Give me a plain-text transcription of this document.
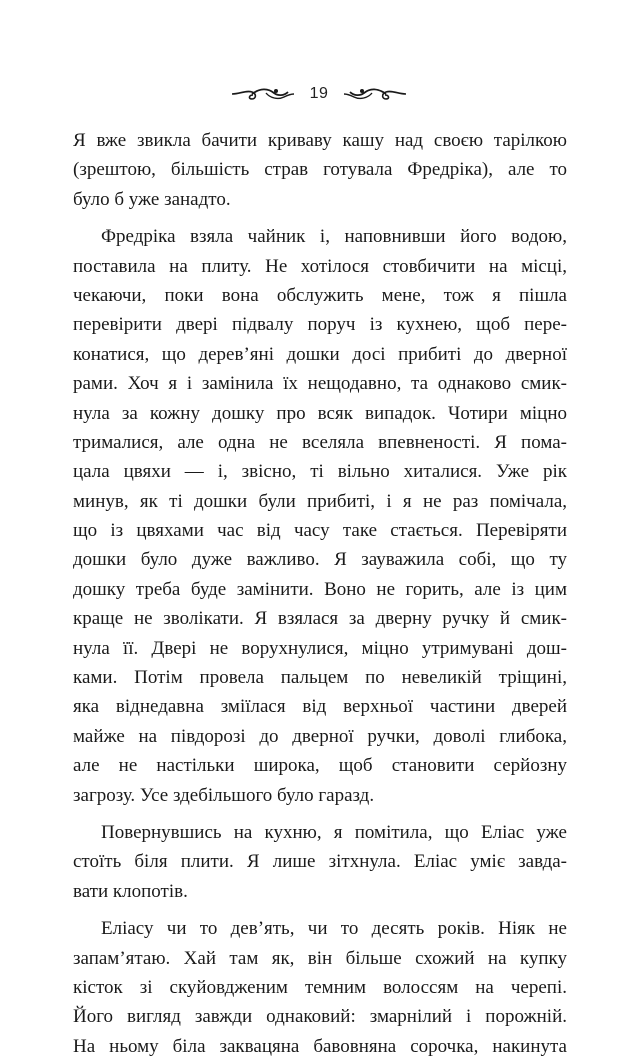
19
Я вже звикла бачити криваву кашу над своєю тарілкою
(зрештою, більшість страв готувала Фредріка), але то
було б уже занадто.
Фредріка взяла чайник і, наповнивши його водою,
поставила на плиту. Не хотілося стовбичити на місці,
чекаючи, поки вона обслужить мене, тож я пішла
перевірити двері підвалу поруч із кухнею, щоб пере-
конатися, що дерев’яні дошки досі прибиті до дверної
рами. Хоч я і замінила їх нещодавно, та однаково смик-
нула за кожну дошку про всяк випадок. Чотири міцно
трималися, але одна не вселяла впевненості. Я пома-
цала цвяхи — і, звісно, ті вільно хиталися. Уже рік
минув, як ті дошки були прибиті, і я не раз помічала,
що із цвяхами час від часу таке стається. Перевіряти
дошки було дуже важливо. Я зауважила собі, що ту
дошку треба буде замінити. Воно не горить, але із цим
краще не зволікати. Я взялася за дверну ручку й смик-
нула її. Двері не ворухнулися, міцно утримувані дош-
ками. Потім провела пальцем по невеликій тріщині,
яка віднедавна зміїлася від верхньої частини дверей
майже на півдорозі до дверної ручки, доволі глибока,
але не настільки широка, щоб становити серйозну
загрозу. Усе здебільшого було гаразд.
Повернувшись на кухню, я помітила, що Еліас уже
стоїть біля плити. Я лише зітхнула. Еліас уміє завда-
вати клопотів.
Еліасу чи то дев’ять, чи то десять років. Ніяк не
запам’ятаю. Хай там як, він більше схожий на купку
кісток зі скуйовдженим темним волоссям на черепі.
Його вигляд завжди однаковий: змарнілий і порожній.
На ньому біла заквацяна бавовняна сорочка, накинута
